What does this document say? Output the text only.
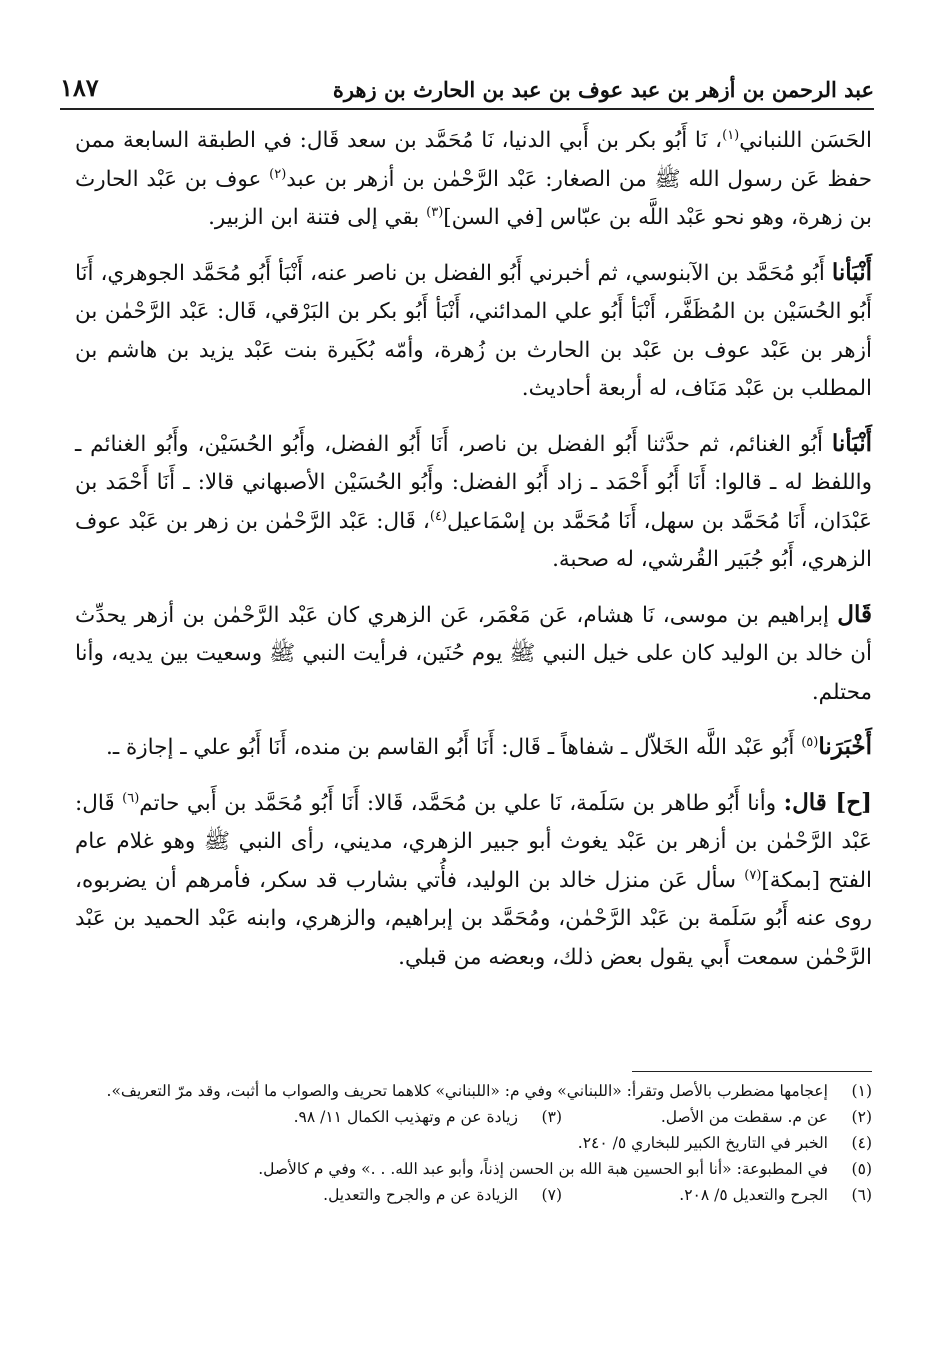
عبد الرحمن بن أزهر بن عبد عوف بن عبد بن الحارث بن زهرة
١٨٧

الحَسَن اللنباني$^{(١)}$، نَا أَبُو بكر بن أَبي الدنيا، نَا مُحَمَّد بن سعد قَال: في الطبقة السابعة ممن حفظ عَن رسول الله ﷺ من الصغار: عَبْد الرَّحْمٰن بن أزهر بن عبد$^{(٢)}$ عوف بن عَبْد الحارث بن زهرة، وهو نحو عَبْد اللَّه بن عبّاس [في السن]$^{(٣)}$ بقي إلى فتنة ابن الزبير.

أَنْبَأنا أَبُو مُحَمَّد بن الآبنوسي، ثم أخبرني أَبُو الفضل بن ناصر عنه، أَنْبَأ أَبُو مُحَمَّد الجوهري، أَنَا أَبُو الحُسَيْن بن المُظَفَّر، أَنْبَأ أَبُو علي المدائني، أَنْبَأ أَبُو بكر بن البَرْقي، قَال: عَبْد الرَّحْمٰن بن أزهر بن عَبْد عوف بن عَبْد بن الحارث بن زُهرة، وأمّه بُكَيرة بنت عَبْد يزيد بن هاشم بن المطلب بن عَبْد مَنَاف، له أربعة أحاديث.

أَنْبَأنا أَبُو الغنائم، ثم حدَّثنا أَبُو الفضل بن ناصر، أَنَا أَبُو الفضل، وأَبُو الحُسَيْن، وأَبُو الغنائم ـ واللفظ له ـ قالوا: أَنَا أَبُو أَحْمَد ـ زاد أَبُو الفضل: وأَبُو الحُسَيْن الأصبهاني قالا: ـ أَنَا أَحْمَد بن عَبْدَان، أَنَا مُحَمَّد بن سهل، أَنَا مُحَمَّد بن إسْمَاعيل$^{(٤)}$، قَال: عَبْد الرَّحْمٰن بن زهر بن عَبْد عوف الزهري، أَبُو جُبَير القُرشي، له صحبة.

قَال إبراهيم بن موسى، نَا هشام، عَن مَعْمَر، عَن الزهري كان عَبْد الرَّحْمٰن بن أزهر يحدِّث أن خالد بن الوليد كان على خيل النبي ﷺ يوم حُنَين، فرأيت النبي ﷺ وسعيت بين يديه، وأنا محتلم.

أَخْبَرَنا$^{(٥)}$ أَبُو عَبْد اللَّه الخَلاّل ـ شفاهاً ـ قَال: أَنَا أَبُو القاسم بن منده، أَنَا أَبُو علي ـ إجازة ـ.

[ح] قال: وأنا أَبُو طاهر بن سَلَمة، نَا علي بن مُحَمَّد، قَالا: أَنَا أَبُو مُحَمَّد بن أَبي حاتم$^{(٦)}$ قَال: عَبْد الرَّحْمٰن بن أزهر بن عَبْد يغوث أبو جبير الزهري، مديني، رأى النبي ﷺ وهو غلام عام الفتح [بمكة]$^{(٧)}$ سأل عَن منزل خالد بن الوليد، فأُتي بشارب قد سكر، فأمرهم أن يضربوه، روى عنه أَبُو سَلَمة بن عَبْد الرَّحْمٰن، ومُحَمَّد بن إبراهيم، والزهري، وابنه عَبْد الحميد بن عَبْد الرَّحْمٰن سمعت أَبي يقول بعض ذلك، وبعضه من قبلي.

(١)
إعجامها مضطرب بالأصل وتقرأ: «اللبناني» وفي م: «اللبناني» كلاهما تحريف والصواب ما أثبت، وقد مرّ التعريف».
(٢)
عن م. سقطت من الأصل.
(٣)
زيادة عن م وتهذيب الكمال ١١/ ٩٨.
(٤)
الخبر في التاريخ الكبير للبخاري ٥/ ٢٤٠.
(٥)
في المطبوعة: «أنا أبو الحسين هبة الله بن الحسن إذناً، وأبو عبد الله. . .» وفي م كالأصل.
(٦)
الجرح والتعديل ٥/ ٢٠٨.
(٧)
الزيادة عن م والجرح والتعديل.
